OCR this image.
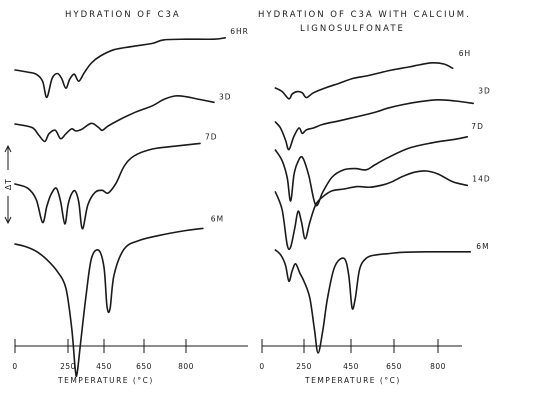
HYDRATION OF C3A	HYDRATION OF C3A WITH CALCIUM.
LIGNOSULFONATE
ΔT
0	250	450	650	800
TEMPERATURE (°C)
0	250	450	650	800
TEMPERATURE (°C)
6HR
3D
7D
6M
6H
3D
7D
14D
6M
